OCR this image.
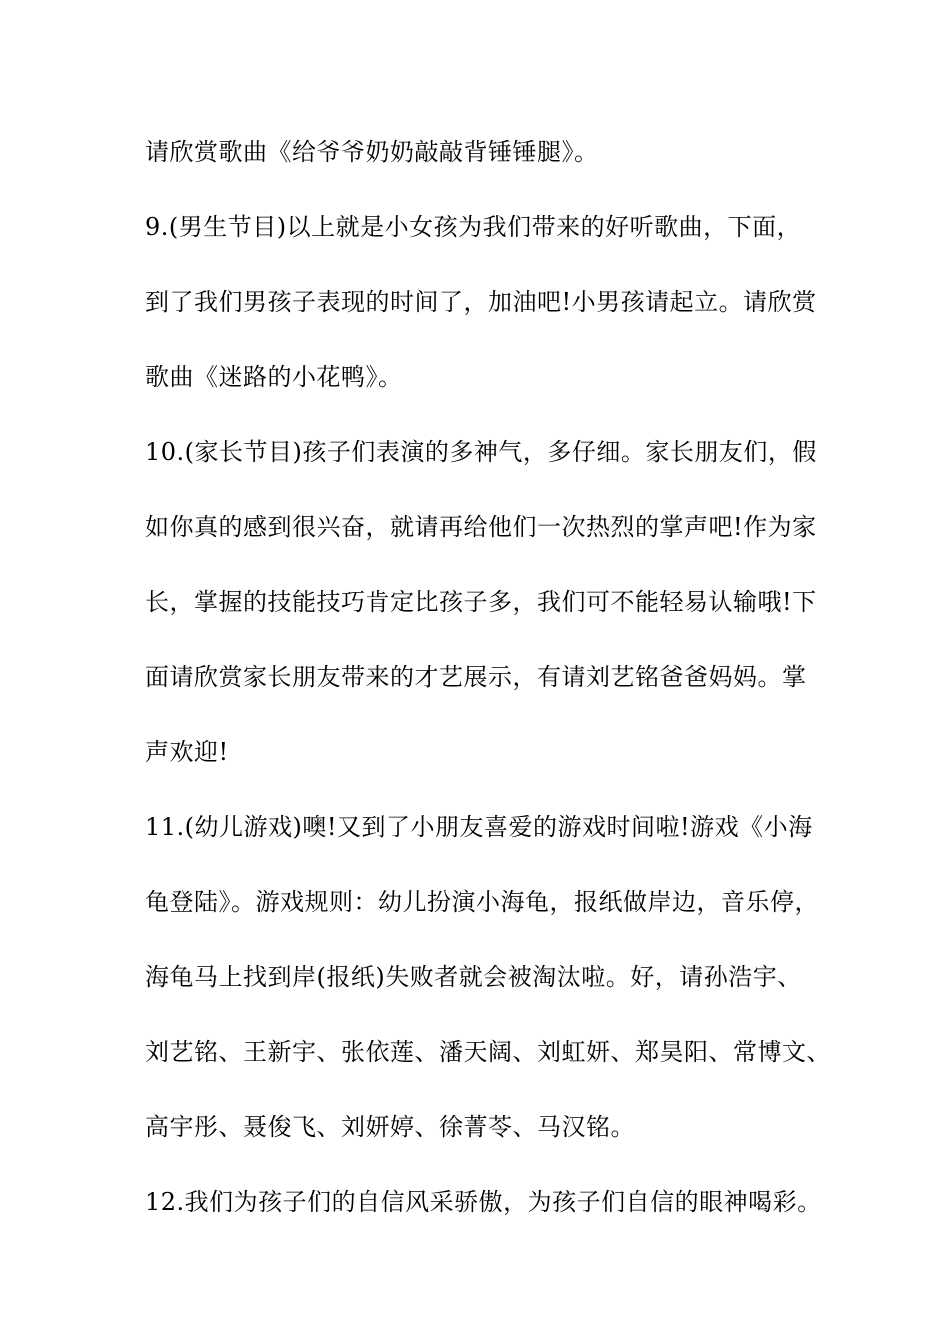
请欣赏歌曲《给爷爷奶奶敲敲背锤锤腿》。
9.(男生节目)以上就是小女孩为我们带来的好听歌曲，下面，
到了我们男孩子表现的时间了，加油吧!小男孩请起立。请欣赏
歌曲《迷路的小花鸭》。
10.(家长节目)孩子们表演的多神气，多仔细。家长朋友们，假
如你真的感到很兴奋，就请再给他们一次热烈的掌声吧!作为家
长，掌握的技能技巧肯定比孩子多，我们可不能轻易认输哦!下
面请欣赏家长朋友带来的才艺展示，有请刘艺铭爸爸妈妈。掌
声欢迎!
11.(幼儿游戏)噢!又到了小朋友喜爱的游戏时间啦!游戏《小海
龟登陆》。游戏规则：幼儿扮演小海龟，报纸做岸边，音乐停，
海龟马上找到岸(报纸)失败者就会被淘汰啦。好，请孙浩宇、
刘艺铭、王新宇、张依莲、潘天阔、刘虹妍、郑昊阳、常博文、
高宇彤、聂俊飞、刘妍婷、徐菁苓、马汉铭。
12.我们为孩子们的自信风采骄傲，为孩子们自信的眼神喝彩。
